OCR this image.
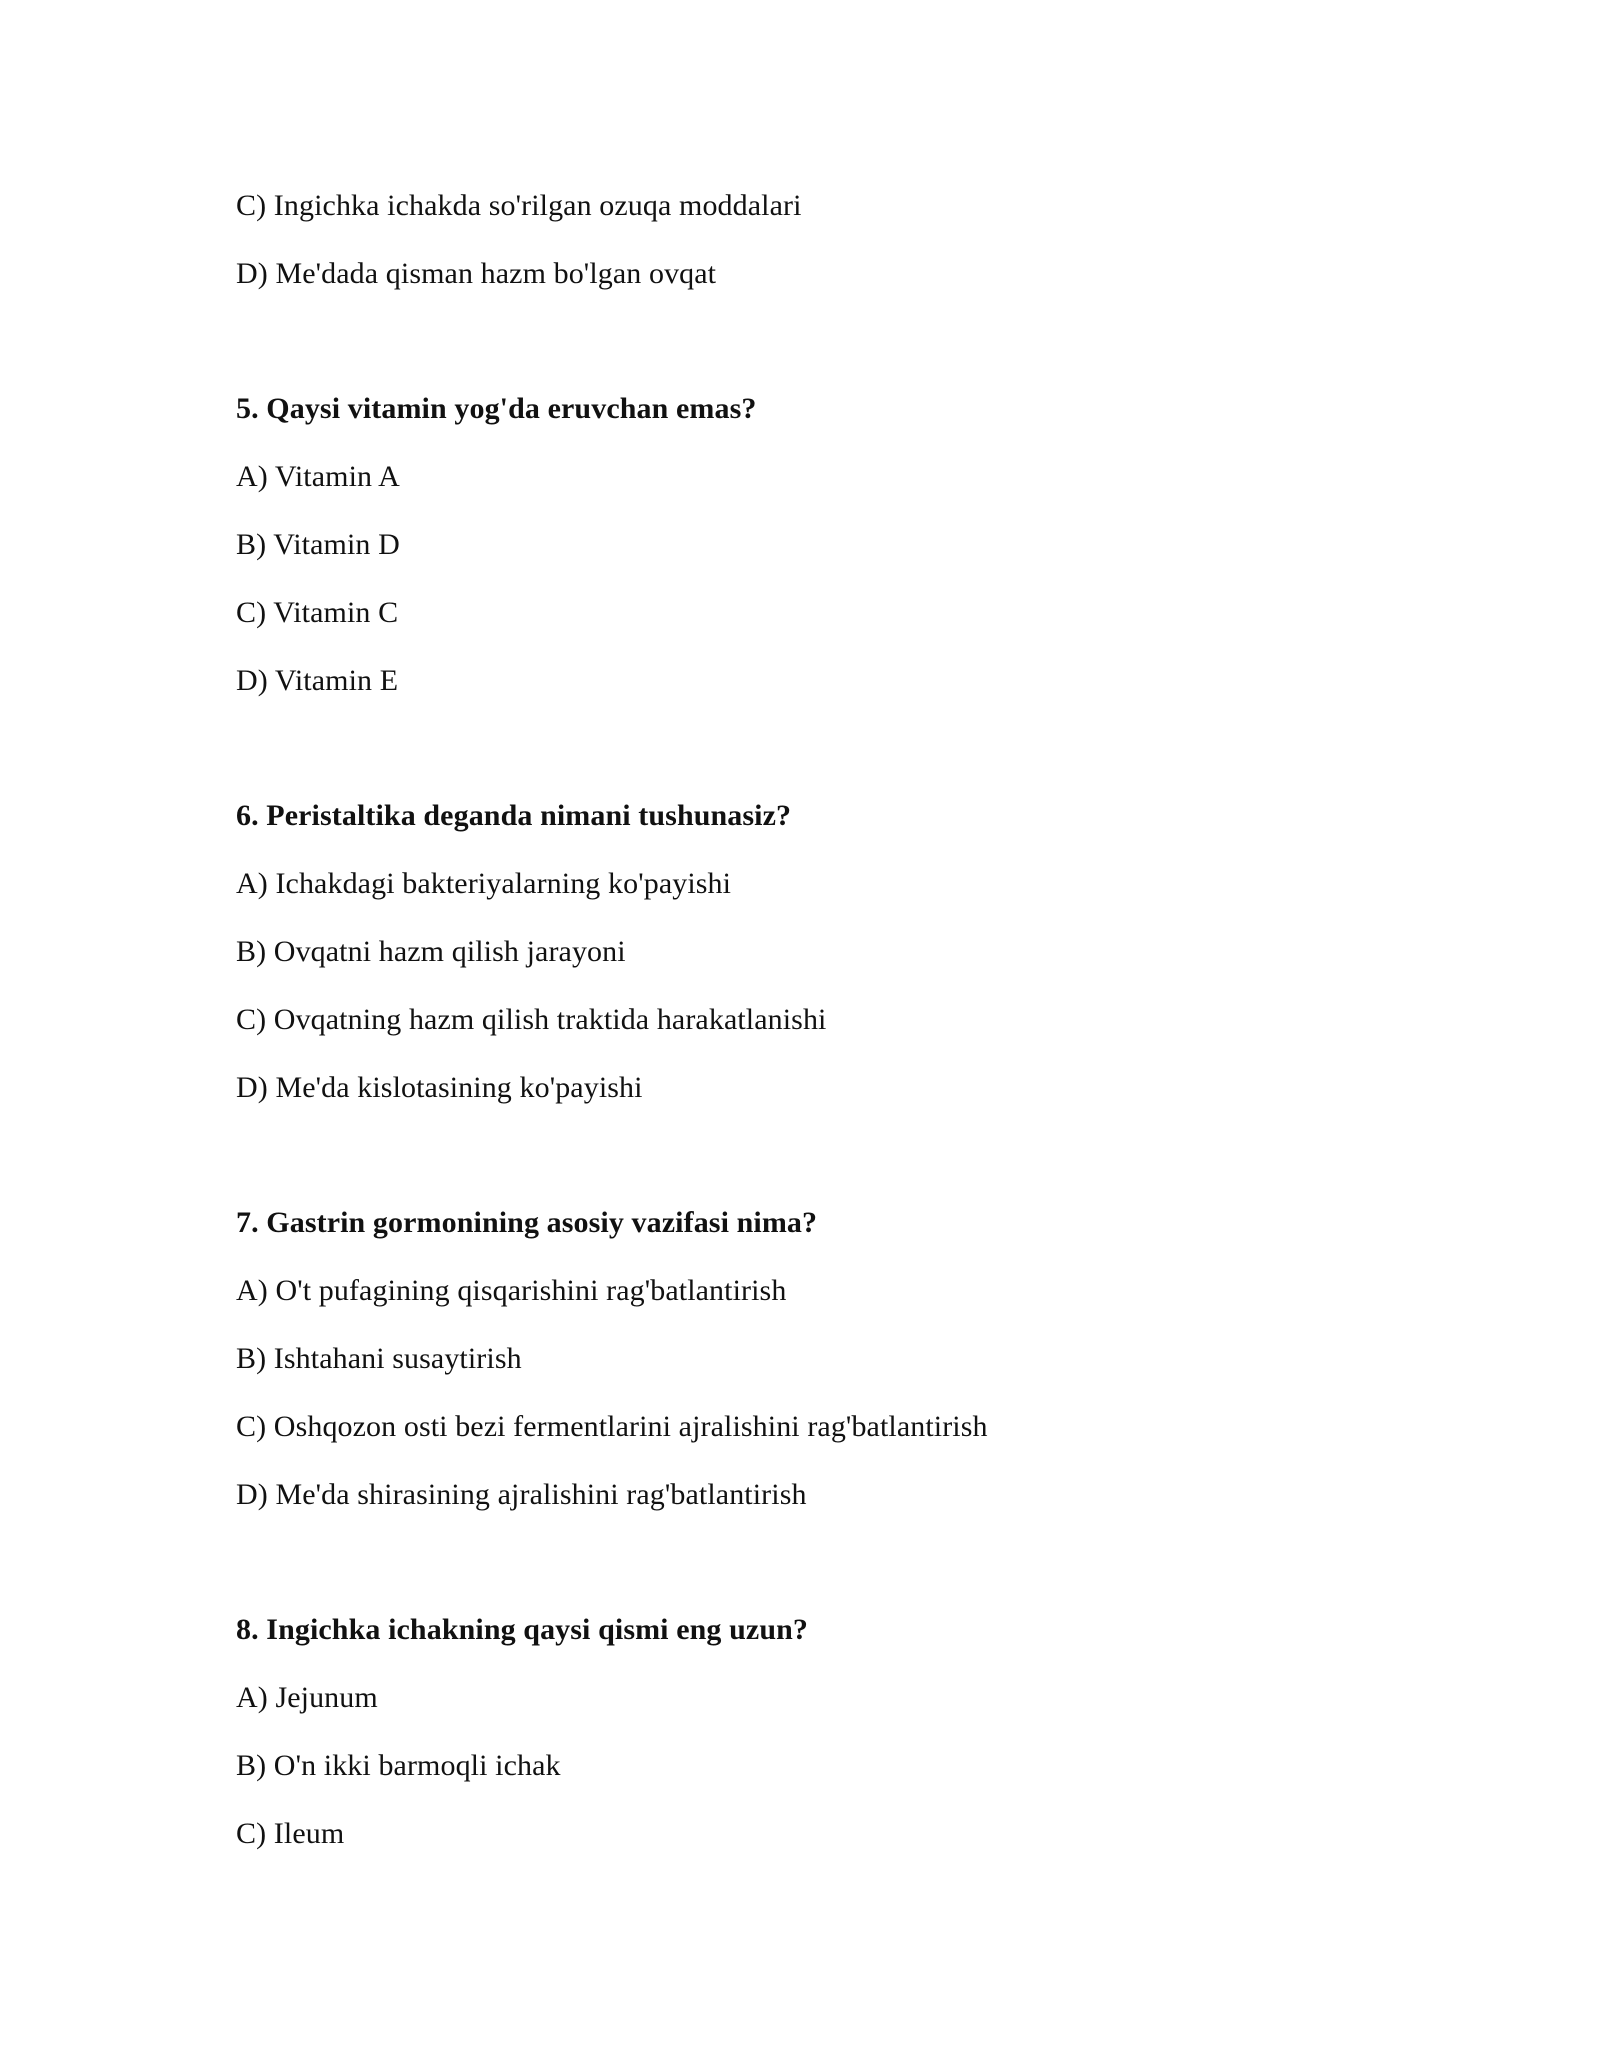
C) Ingichka ichakda so'rilgan ozuqa moddalari
D) Me'dada qisman hazm bo'lgan ovqat
5. Qaysi vitamin yog'da eruvchan emas?
A) Vitamin A
B) Vitamin D
C) Vitamin C
D) Vitamin E
6. Peristaltika deganda nimani tushunasiz?
A) Ichakdagi bakteriyalarning ko'payishi
B) Ovqatni hazm qilish jarayoni
C) Ovqatning hazm qilish traktida harakatlanishi
D) Me'da kislotasining ko'payishi
7. Gastrin gormonining asosiy vazifasi nima?
A) O't pufagining qisqarishini rag'batlantirish
B) Ishtahani susaytirish
C) Oshqozon osti bezi fermentlarini ajralishini rag'batlantirish
D) Me'da shirasining ajralishini rag'batlantirish
8. Ingichka ichakning qaysi qismi eng uzun?
A) Jejunum
B) O'n ikki barmoqli ichak
C) Ileum
